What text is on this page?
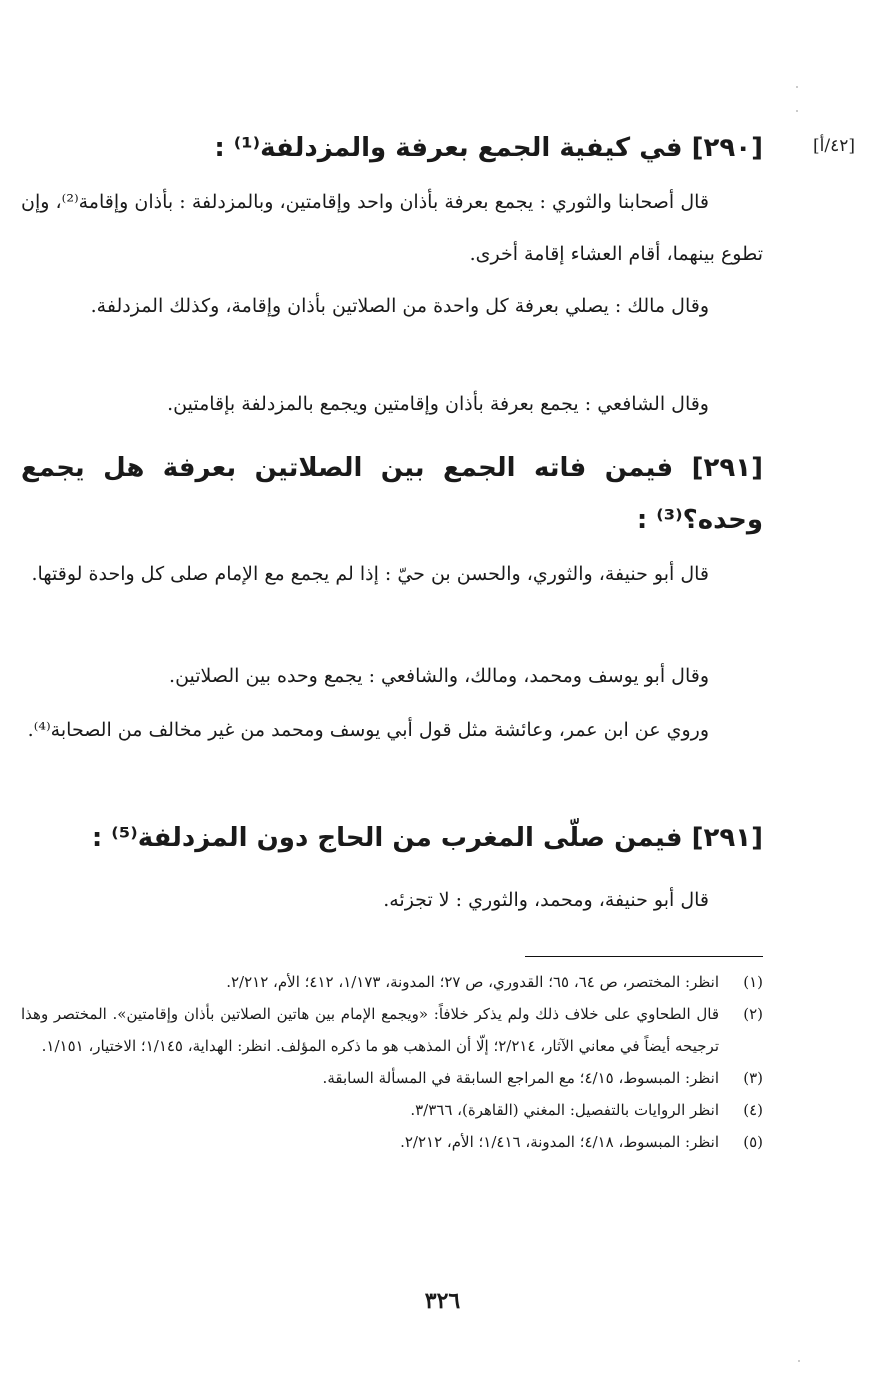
[٤٢/أ]
[٢٩٠] في كيفية الجمع بعرفة والمزدلفة⁽¹⁾ :
قال أصحابنا والثوري : يجمع بعرفة بأذان واحد وإقامتين، وبالمزدلفة : بأذان وإقامة⁽²⁾، وإن تطوع بينهما، أقام العشاء إقامة أخرى.
وقال مالك : يصلي بعرفة كل واحدة من الصلاتين بأذان وإقامة، وكذلك المزدلفة.
وقال الشافعي : يجمع بعرفة بأذان وإقامتين ويجمع بالمزدلفة بإقامتين.
[٢٩١] فيمن فاته الجمع بين الصلاتين بعرفة هل يجمع وحده؟⁽³⁾ :
قال أبو حنيفة، والثوري، والحسن بن حيّ : إذا لم يجمع مع الإمام صلى كل واحدة لوقتها.
وقال أبو يوسف ومحمد، ومالك، والشافعي : يجمع وحده بين الصلاتين.
وروي عن ابن عمر، وعائشة مثل قول أبي يوسف ومحمد من غير مخالف من الصحابة⁽⁴⁾.
[٢٩١] فيمن صلّى المغرب من الحاج دون المزدلفة⁽⁵⁾ :
قال أبو حنيفة، ومحمد، والثوري : لا تجزئه.
(١)
انظر: المختصر، ص ٦٤، ٦٥؛ القدوري، ص ٢٧؛ المدونة، ١/١٧٣، ٤١٢؛ الأم، ٢/٢١٢.
(٢)
قال الطحاوي على خلاف ذلك ولم يذكر خلافاً: «ويجمع الإمام بين هاتين الصلاتين بأذان وإقامتين». المختصر وهذا ترجيحه أيضاً في معاني الآثار، ٢/٢١٤؛ إلّا أن المذهب هو ما ذكره المؤلف. انظر: الهداية، ١/١٤٥؛ الاختيار، ١/١٥١.
(٣)
انظر: المبسوط، ٤/١٥؛ مع المراجع السابقة في المسألة السابقة.
(٤)
انظر الروايات بالتفصيل: المغني (القاهرة)، ٣/٣٦٦.
(٥)
انظر: المبسوط، ٤/١٨؛ المدونة، ١/٤١٦؛ الأم، ٢/٢١٢.
٣٢٦
